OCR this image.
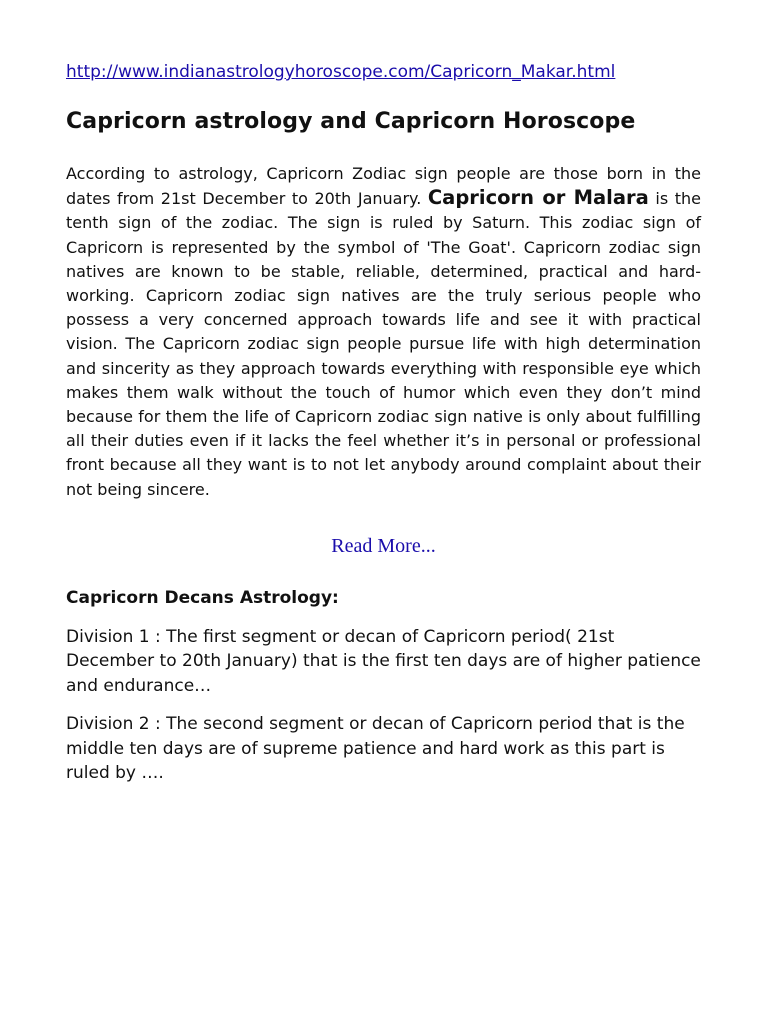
http://www.indianastrologyhoroscope.com/Capricorn_Makar.html
Capricorn astrology and Capricorn Horoscope

According to astrology, Capricorn Zodiac sign people are those born in the dates from 21st December to 20th January. Capricorn or Malara is the tenth sign of the zodiac. The sign is ruled by Saturn. This zodiac sign of Capricorn is represented by the symbol of 'The Goat'. Capricorn zodiac sign natives are known to be stable, reliable, determined, practical and hard-working. Capricorn zodiac sign natives are the truly serious people who possess a very concerned approach towards life and see it with practical vision. The Capricorn zodiac sign people pursue life with high determination and sincerity as they approach towards everything with responsible eye which makes them walk without the touch of humor which even they don’t mind because for them the life of Capricorn zodiac sign native is only about fulfilling all their duties even if it lacks the feel whether it’s in personal or professional front because all they want is to not let anybody around complaint about their not being sincere.

Read More...
Capricorn Decans Astrology:

Division 1 : The first segment or decan of Capricorn period( 21st December to 20th January) that is the first ten days are of higher patience and endurance…

Division 2 : The second segment or decan of Capricorn period that is the middle ten days are of supreme patience and hard work as this part is ruled by ….
